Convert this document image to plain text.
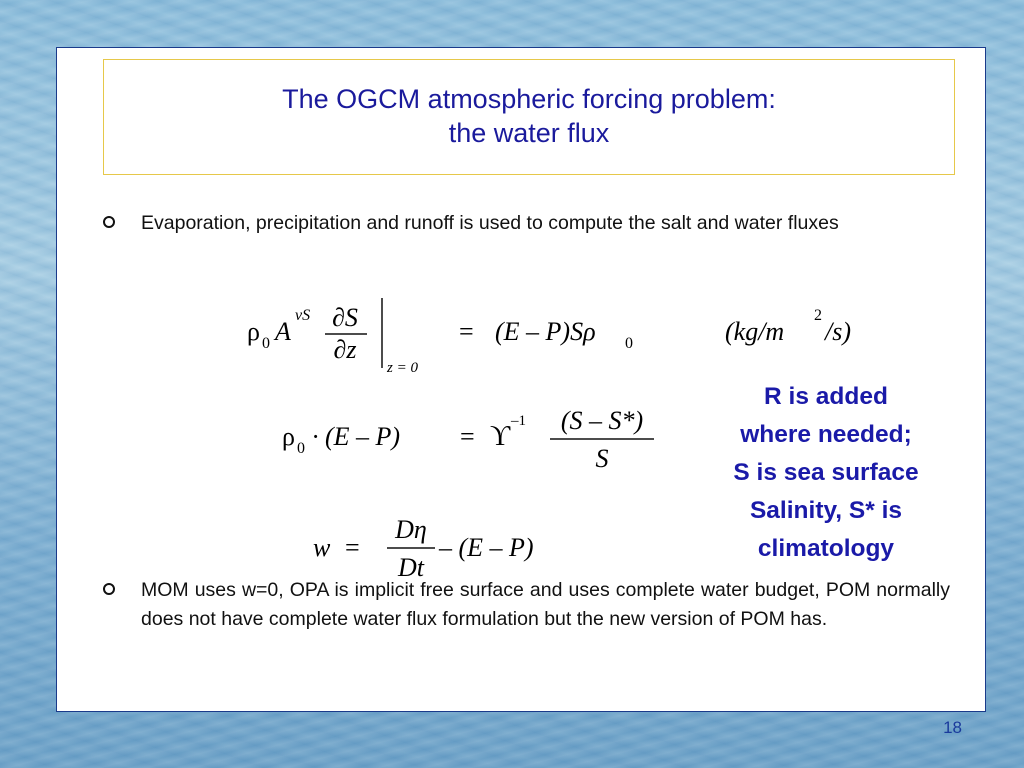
The OGCM atmospheric forcing problem:
the water flux
Evaporation, precipitation and runoff is used to compute the salt and water fluxes
ρ 0 A
vS ∂S
∂z
z = 0
= (E – P)Sρ 0	(kg/m
2
/s)
ρ 0 · (E – P) = ϒ –1 (S – S*)
S
w =
Dη
Dt
– (E – P)
MOM uses w=0, OPA is implicit free surface and uses complete water budget, POM normally does not have complete water flux formulation but the new version of POM has.
R is added
where needed;
S is sea surface
Salinity, S* is
climatology
18
